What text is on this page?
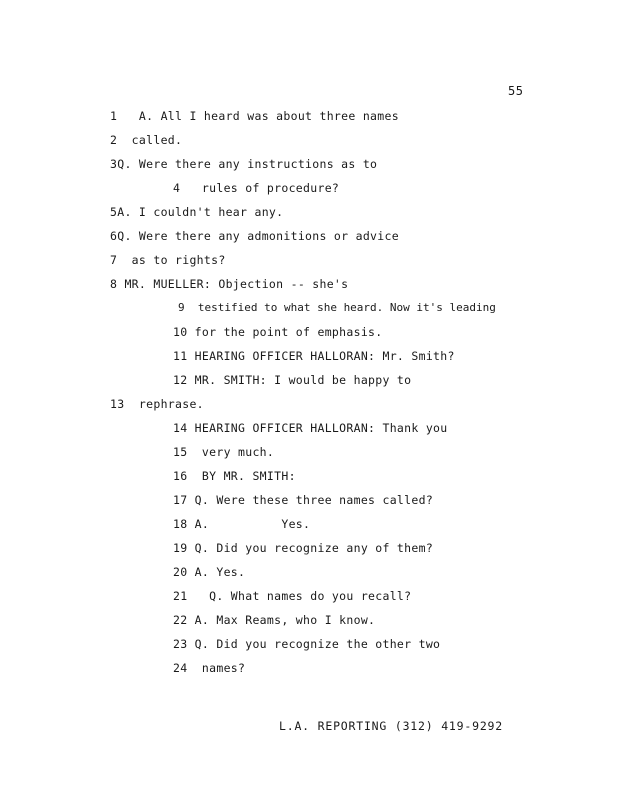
55
1   A. All I heard was about three names
2  called.
3Q. Were there any instructions as to
4   rules of procedure?
5A. I couldn't hear any.
6Q. Were there any admonitions or advice
7  as to rights?
8 MR. MUELLER: Objection -- she's
9  testified to what she heard. Now it's leading
10 for the point of emphasis.
11 HEARING OFFICER HALLORAN: Mr. Smith?
12 MR. SMITH: I would be happy to
13  rephrase.
14 HEARING OFFICER HALLORAN: Thank you
15  very much.
16  BY MR. SMITH:
17 Q. Were these three names called?
18 A.          Yes.
19 Q. Did you recognize any of them?
20 A. Yes.
21   Q. What names do you recall?
22 A. Max Reams, who I know.
23 Q. Did you recognize the other two
24  names?
L.A. REPORTING (312) 419-9292
